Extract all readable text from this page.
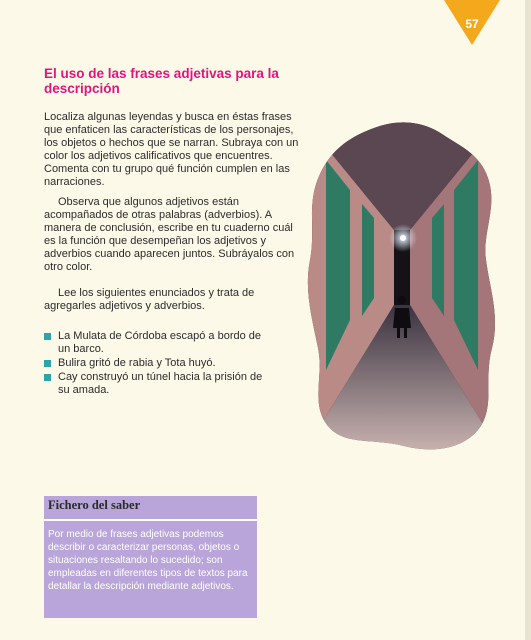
57
El uso de las frases adjetivas para la descripción

Localiza algunas leyendas y busca en éstas frases que enfaticen las características de los personajes, los objetos o hechos que se narran. Subraya con un color los adjetivos calificativos que encuentres. Comenta con tu grupo qué función cumplen en las narraciones.

Observa que algunos adjetivos están acompañados de otras palabras (adverbios). A manera de conclusión, escribe en tu cuaderno cuál es la función que desempeñan los adjetivos y adverbios cuando aparecen juntos. Subráyalos con otro color.

Lee los siguientes enunciados y trata de agregarles adjetivos y adverbios.

La Mulata de Córdoba escapó a bordo de un barco.
Bulira gritó de rabia y Tota huyó.
Cay construyó un túnel hacia la prisión de su amada.
Fichero del saber

Por medio de frases adjetivas podemos describir o caracterizar personas, objetos o situaciones resaltando lo sucedido; son empleadas en diferentes tipos de textos para detallar la descripción mediante adjetivos.
